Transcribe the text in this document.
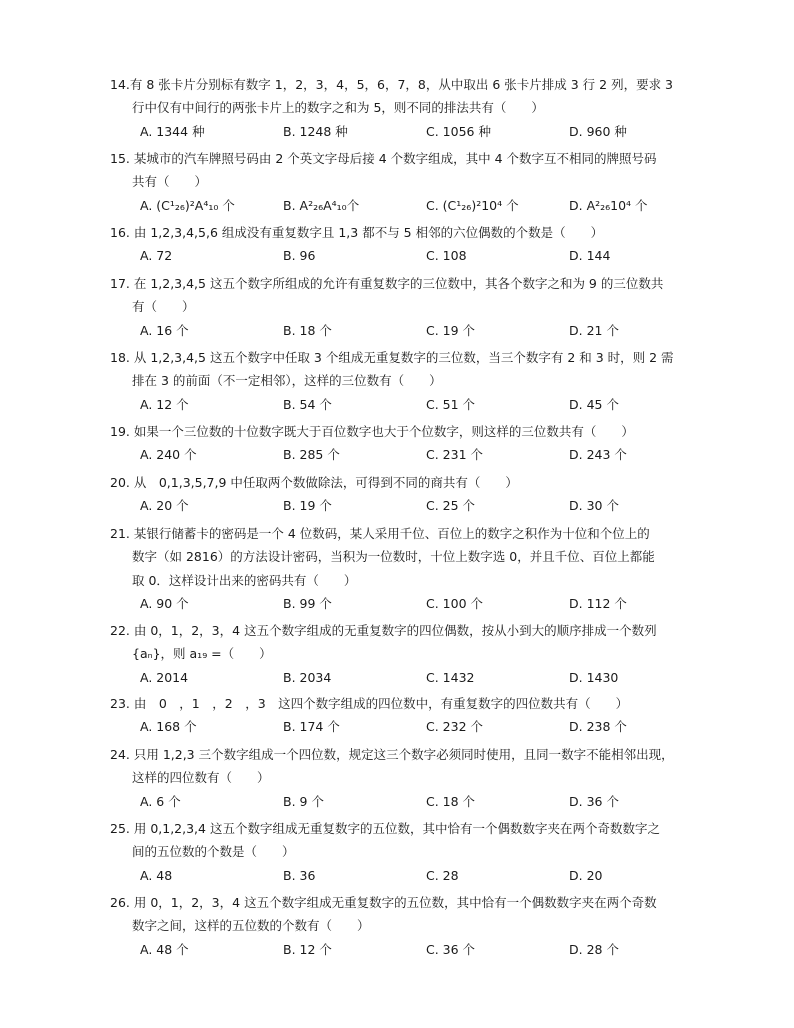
14.有 8 张卡片分别标有数字 1，2，3，4，5，6，7，8，从中取出 6 张卡片排成 3 行 2 列，要求 3
行中仅有中间行的两张卡片上的数字之和为 5，则不同的排法共有（　　）
A. 1344 种	B. 1248 种	C. 1056 种	D. 960 种
15. 某城市的汽车牌照号码由 2 个英文字母后接 4 个数字组成，其中 4 个数字互不相同的牌照号码
共有（　　）
A. (C¹₂₆)²A⁴₁₀ 个	B. A²₂₆A⁴₁₀个	C. (C¹₂₆)²10⁴ 个	D. A²₂₆10⁴ 个
16. 由 1,2,3,4,5,6 组成没有重复数字且 1,3 都不与 5 相邻的六位偶数的个数是（　　）
A. 72	B. 96	C. 108	D. 144
17. 在 1,2,3,4,5 这五个数字所组成的允许有重复数字的三位数中，其各个数字之和为 9 的三位数共
有（　　）
A. 16 个	B. 18 个	C. 19 个	D. 21 个
18. 从 1,2,3,4,5 这五个数字中任取 3 个组成无重复数字的三位数，当三个数字有 2 和 3 时，则 2 需
排在 3 的前面（不一定相邻），这样的三位数有（　　）
A. 12 个	B. 54 个	C. 51 个	D. 45 个
19. 如果一个三位数的十位数字既大于百位数字也大于个位数字，则这样的三位数共有（　　）
A. 240 个	B. 285 个	C. 231 个	D. 243 个
20. 从　0,1,3,5,7,9 中任取两个数做除法，可得到不同的商共有（　　）
A. 20 个	B. 19 个	C. 25 个	D. 30 个
21. 某银行储蓄卡的密码是一个 4 位数码，某人采用千位、百位上的数字之积作为十位和个位上的
数字（如 2816）的方法设计密码，当积为一位数时，十位上数字选 0，并且千位、百位上都能
取 0．这样设计出来的密码共有（　　）
A. 90 个	B. 99 个	C. 100 个	D. 112 个
22. 由 0，1，2，3，4 这五个数字组成的无重复数字的四位偶数，按从小到大的顺序排成一个数列
{aₙ}，则 a₁₉ =（　　）
A. 2014	B. 2034	C. 1432	D. 1430
23. 由　0　，1　，2　，3　这四个数字组成的四位数中，有重复数字的四位数共有（　　）
A. 168 个	B. 174 个	C. 232 个	D. 238 个
24. 只用 1,2,3 三个数字组成一个四位数，规定这三个数字必须同时使用，且同一数字不能相邻出现，
这样的四位数有（　　）
A. 6 个	B. 9 个	C. 18 个	D. 36 个
25. 用 0,1,2,3,4 这五个数字组成无重复数字的五位数，其中恰有一个偶数数字夹在两个奇数数字之
间的五位数的个数是（　　）
A. 48	B. 36	C. 28	D. 20
26. 用 0，1，2，3，4 这五个数字组成无重复数字的五位数，其中恰有一个偶数数字夹在两个奇数
数字之间，这样的五位数的个数有（　　）
A. 48 个	B. 12 个	C. 36 个	D. 28 个
